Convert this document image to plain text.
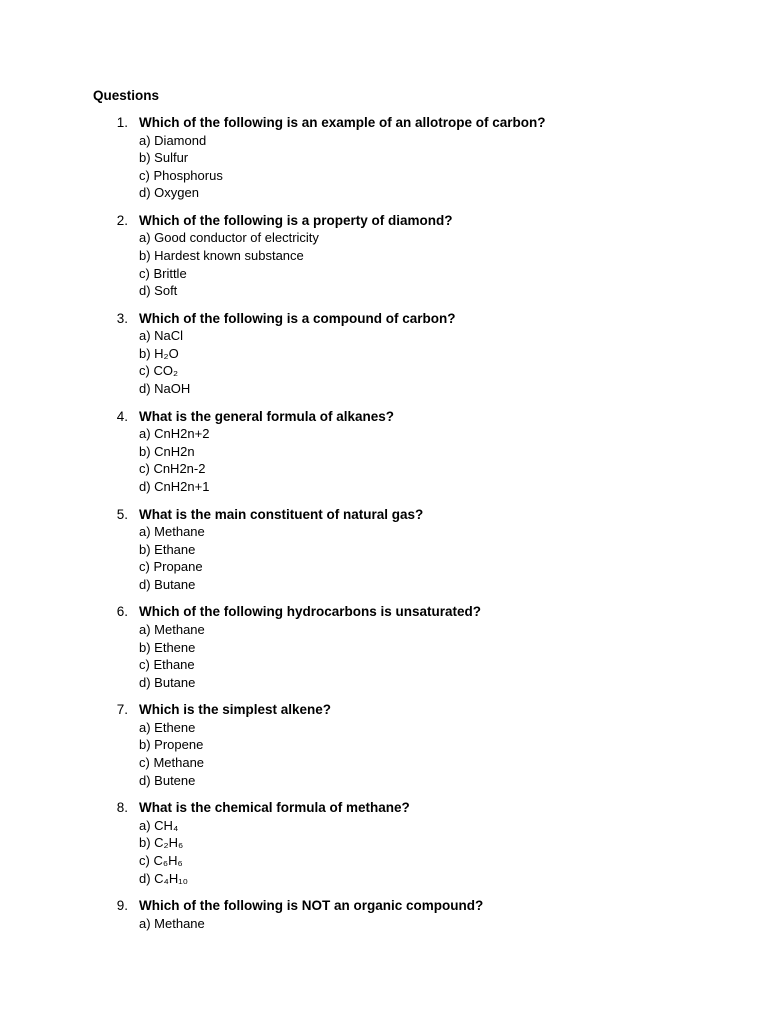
Questions
1. Which of the following is an example of an allotrope of carbon?
a) Diamond
b) Sulfur
c) Phosphorus
d) Oxygen
2. Which of the following is a property of diamond?
a) Good conductor of electricity
b) Hardest known substance
c) Brittle
d) Soft
3. Which of the following is a compound of carbon?
a) NaCl
b) H₂O
c) CO₂
d) NaOH
4. What is the general formula of alkanes?
a) CnH2n+2
b) CnH2n
c) CnH2n-2
d) CnH2n+1
5. What is the main constituent of natural gas?
a) Methane
b) Ethane
c) Propane
d) Butane
6. Which of the following hydrocarbons is unsaturated?
a) Methane
b) Ethene
c) Ethane
d) Butane
7. Which is the simplest alkene?
a) Ethene
b) Propene
c) Methane
d) Butene
8. What is the chemical formula of methane?
a) CH₄
b) C₂H₆
c) C₆H₆
d) C₄H₁₀
9. Which of the following is NOT an organic compound?
a) Methane
